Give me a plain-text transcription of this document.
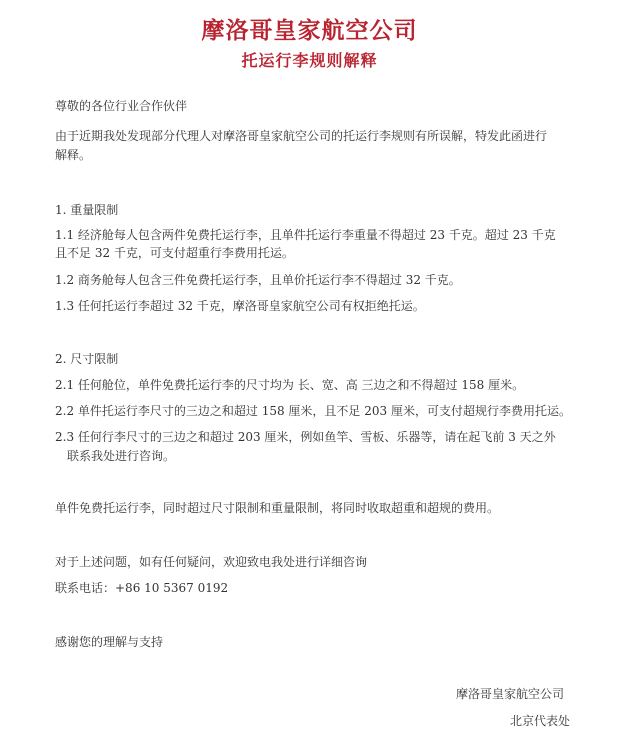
摩洛哥皇家航空公司
托运行李规则解释
尊敬的各位行业合作伙伴
由于近期我处发现部分代理人对摩洛哥皇家航空公司的托运行李规则有所误解，特发此函进行
解释。
1. 重量限制
1.1 经济舱每人包含两件免费托运行李，且单件托运行李重量不得超过 23 千克。超过 23 千克
且不足 32 千克，可支付超重行李费用托运。
1.2 商务舱每人包含三件免费托运行李，且单价托运行李不得超过 32 千克。
1.3 任何托运行李超过 32 千克，摩洛哥皇家航空公司有权拒绝托运。
2. 尺寸限制
2.1 任何舱位，单件免费托运行李的尺寸均为 长、宽、高 三边之和不得超过 158 厘米。
2.2 单件托运行李尺寸的三边之和超过 158 厘米，且不足 203 厘米，可支付超规行李费用托运。
2.3 任何行李尺寸的三边之和超过 203 厘米，例如鱼竿、雪板、乐器等，请在起飞前 3 天之外
联系我处进行咨询。
单件免费托运行李，同时超过尺寸限制和重量限制，将同时收取超重和超规的费用。
对于上述问题，如有任何疑问，欢迎致电我处进行详细咨询
联系电话：+86 10 5367 0192
感谢您的理解与支持
摩洛哥皇家航空公司
北京代表处
